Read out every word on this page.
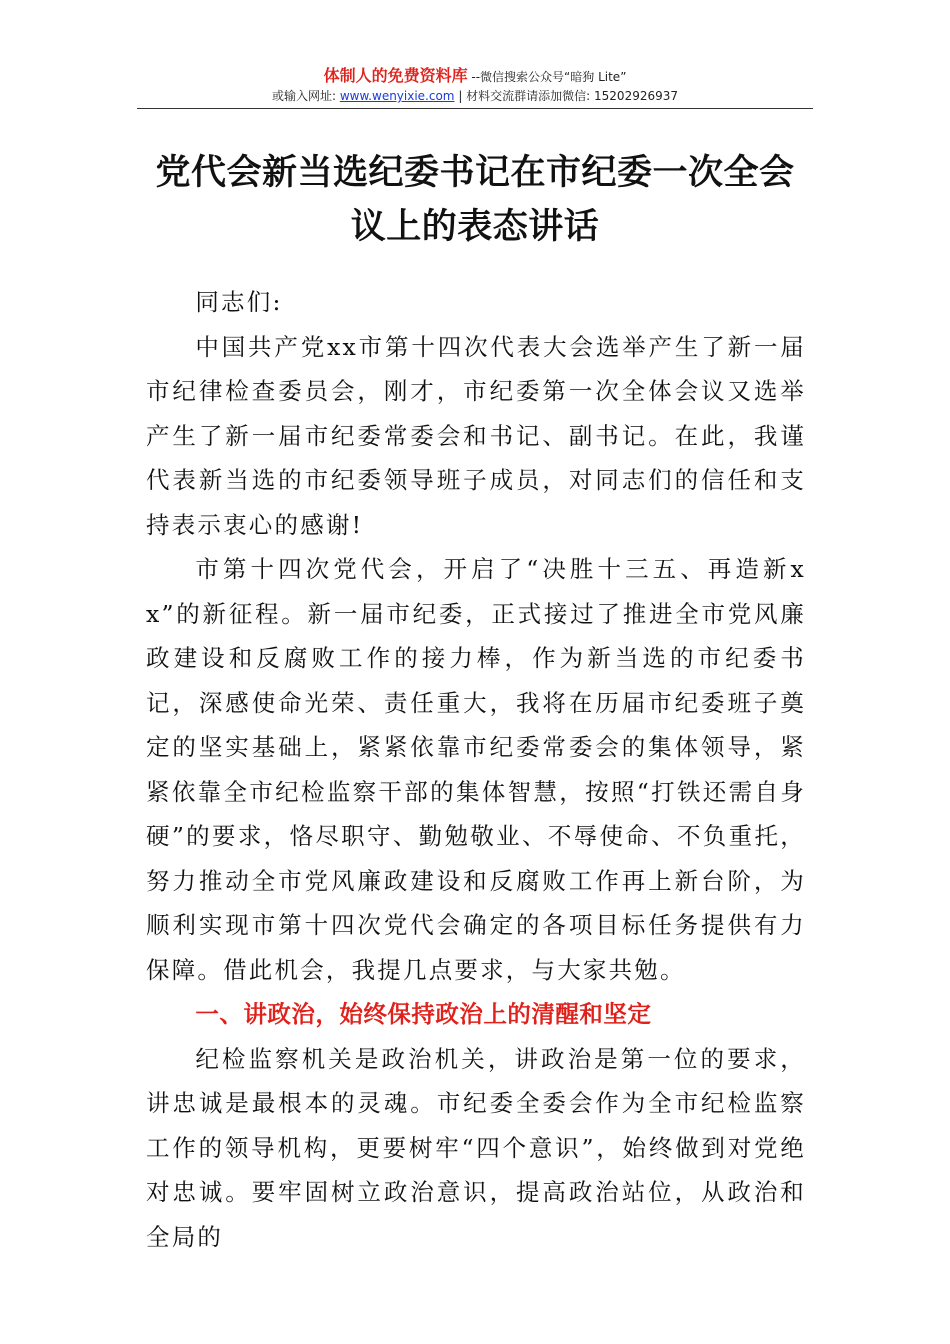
体制人的免费资料库 --微信搜索公众号“暗狗 Lite”
或输入网址: www.wenyixie.com | 材料交流群请添加微信: 15202926937
党代会新当选纪委书记在市纪委一次全会
议上的表态讲话

同志们:

中国共产党xx市第十四次代表大会选举产生了新一届市纪律检查委员会，刚才，市纪委第一次全体会议又选举产生了新一届市纪委常委会和书记、副书记。在此，我谨代表新当选的市纪委领导班子成员，对同志们的信任和支持表示衷心的感谢!

市第十四次党代会，开启了“决胜十三五、再造新xx”的新征程。新一届市纪委，正式接过了推进全市党风廉政建设和反腐败工作的接力棒，作为新当选的市纪委书记，深感使命光荣、责任重大，我将在历届市纪委班子奠定的坚实基础上，紧紧依靠市纪委常委会的集体领导，紧紧依靠全市纪检监察干部的集体智慧，按照“打铁还需自身硬”的要求，恪尽职守、勤勉敬业、不辱使命、不负重托，努力推动全市党风廉政建设和反腐败工作再上新台阶，为顺利实现市第十四次党代会确定的各项目标任务提供有力保障。借此机会，我提几点要求，与大家共勉。

一、讲政治，始终保持政治上的清醒和坚定

纪检监察机关是政治机关，讲政治是第一位的要求，讲忠诚是最根本的灵魂。市纪委全委会作为全市纪检监察工作的领导机构，更要树牢“四个意识”，始终做到对党绝对忠诚。要牢固树立政治意识，提高政治站位，从政治和全局的
